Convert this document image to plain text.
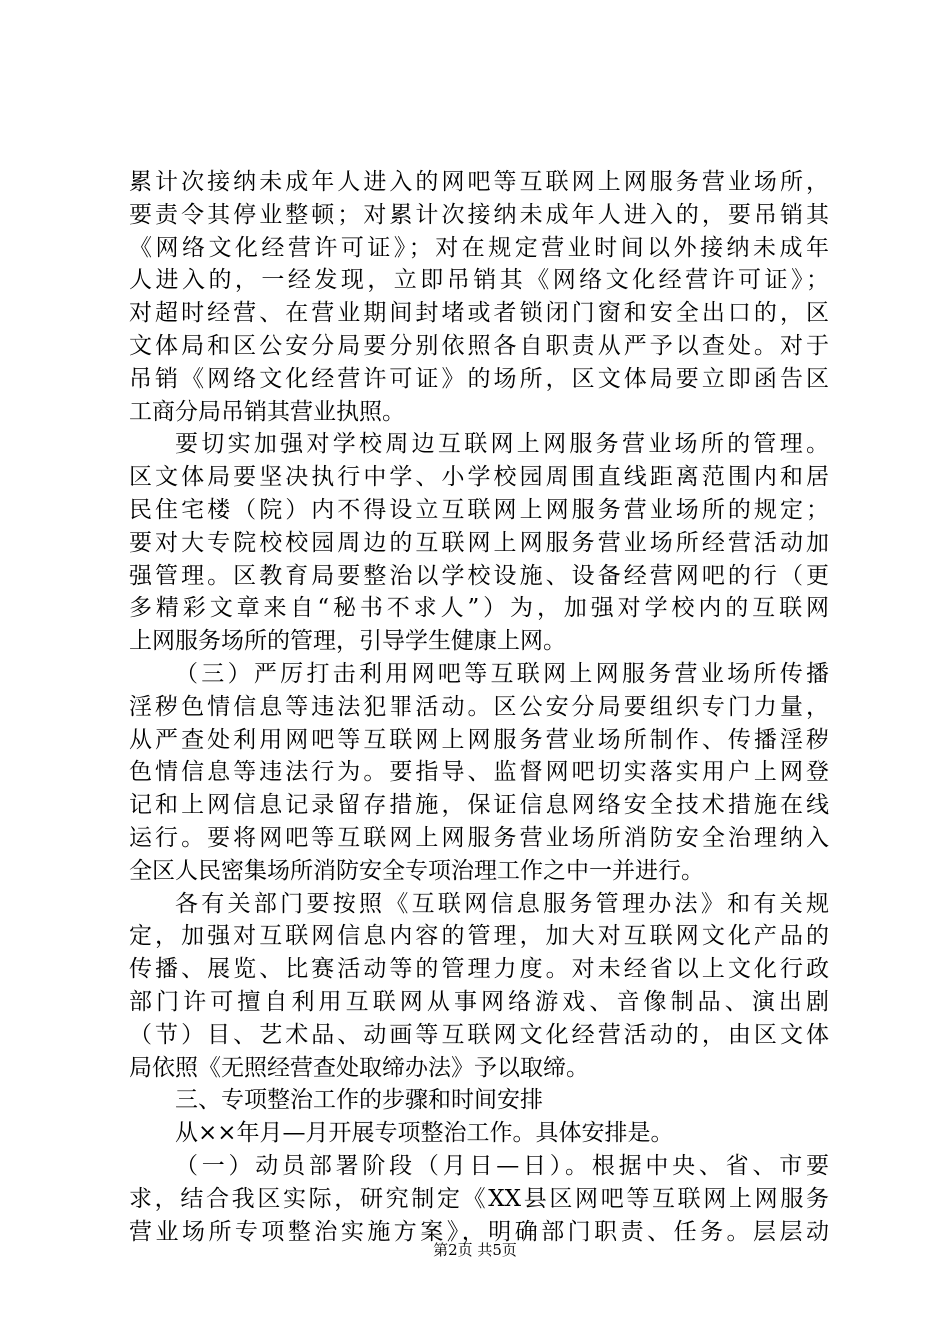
累计次接纳未成年人进入的网吧等互联网上网服务营业场所，
要责令其停业整顿；对累计次接纳未成年人进入的，要吊销其
《网络文化经营许可证》；对在规定营业时间以外接纳未成年
人进入的，一经发现，立即吊销其《网络文化经营许可证》；
对超时经营、在营业期间封堵或者锁闭门窗和安全出口的，区
文体局和区公安分局要分别依照各自职责从严予以查处。对于
吊销《网络文化经营许可证》的场所，区文体局要立即函告区
工商分局吊销其营业执照。
要切实加强对学校周边互联网上网服务营业场所的管理。
区文体局要坚决执行中学、小学校园周围直线距离范围内和居
民住宅楼（院）内不得设立互联网上网服务营业场所的规定；
要对大专院校校园周边的互联网上网服务营业场所经营活动加
强管理。区教育局要整治以学校设施、设备经营网吧的行（更
多精彩文章来自“秘书不求人”）为，加强对学校内的互联网
上网服务场所的管理，引导学生健康上网。
（三）严厉打击利用网吧等互联网上网服务营业场所传播
淫秽色情信息等违法犯罪活动。区公安分局要组织专门力量，
从严查处利用网吧等互联网上网服务营业场所制作、传播淫秽
色情信息等违法行为。要指导、监督网吧切实落实用户上网登
记和上网信息记录留存措施，保证信息网络安全技术措施在线
运行。要将网吧等互联网上网服务营业场所消防安全治理纳入
全区人民密集场所消防安全专项治理工作之中一并进行。
各有关部门要按照《互联网信息服务管理办法》和有关规
定，加强对互联网信息内容的管理，加大对互联网文化产品的
传播、展览、比赛活动等的管理力度。对未经省以上文化行政
部门许可擅自利用互联网从事网络游戏、音像制品、演出剧
（节）目、艺术品、动画等互联网文化经营活动的，由区文体
局依照《无照经营查处取缔办法》予以取缔。
三、专项整治工作的步骤和时间安排
从××年月—月开展专项整治工作。具体安排是。
（一）动员部署阶段（月日—日）。根据中央、省、市要
求，结合我区实际，研究制定《XX县区网吧等互联网上网服务
营业场所专项整治实施方案》，明确部门职责、任务。层层动
第2页 共5页
